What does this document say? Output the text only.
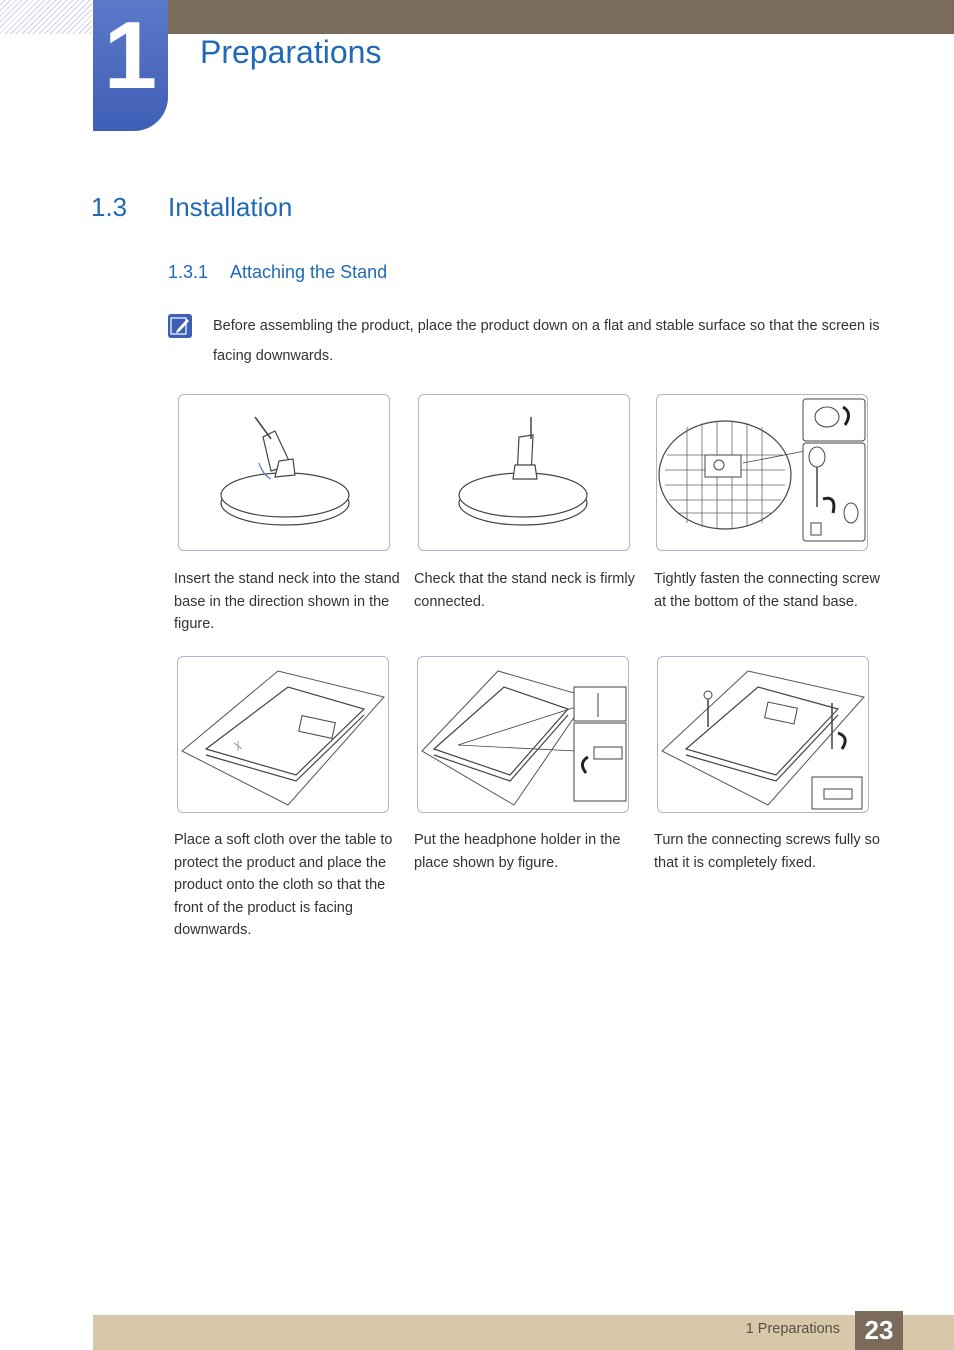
1	Preparations
1.3 Installation
1.3.1 Attaching the Stand
Before assembling the product, place the product down on a flat and stable surface so that the screen is facing downwards.
Insert the stand neck into the stand base in the direction shown in the figure.
Check that the stand neck is firmly connected.
Tightly fasten the connecting screw at the bottom of the stand base.
Place a soft cloth over the table to protect the product and place the product onto the cloth so that the front of the product is facing downwards.
Put the headphone holder in the place shown by figure.
Turn the connecting screws fully so that it is completely fixed.
1 Preparations 23
